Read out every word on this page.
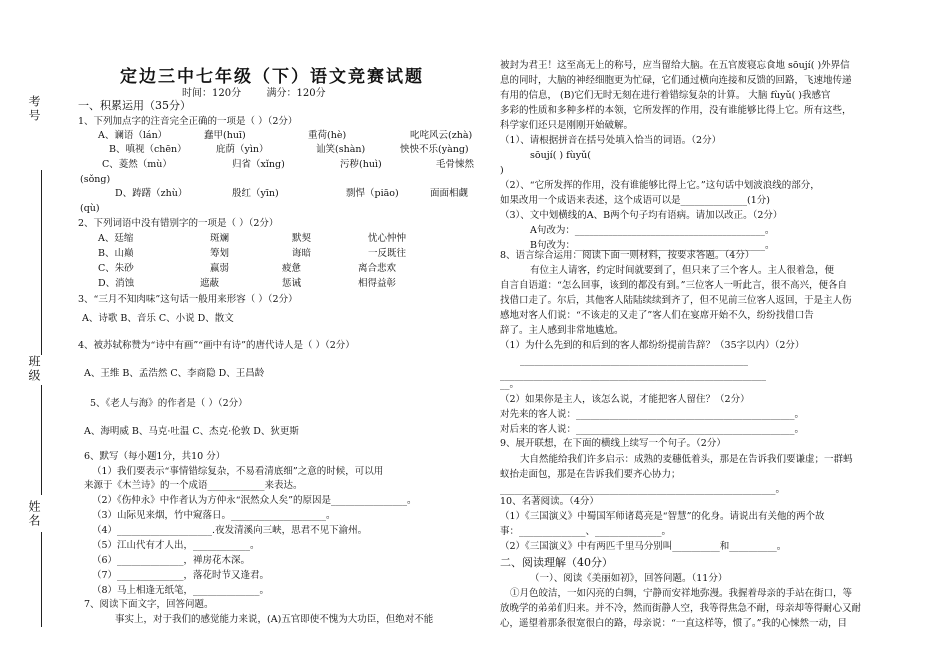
考号
班级
姓名
定边三中七年级（下）语文竞赛试题
时间：120分        满分：120分
一、积累运用（35分）
1、下列加点字的注音完全正确的一项是（ ）（2分）
A、谰语（lán）	蠢甲(huī)	重荷(hè)	叱咤风云(zhà)
B、嗔视（chēn）	庇荫（yìn）	讪笑(shàn)	怏怏不乐(yàng)
C、菱然（mù）	归省（xǐng)	污秽(huì)	毛骨悚然
(sǒng)
D、踌躇（zhù）	殷红（yīn)	剽悍（piāo)	面面相觑
(qù)
2、下列词语中没有错别字的一项是（ ）（2分）
A、廷缩	斑斓	默契	忧心忡忡
B、山巅	筹划	诲暗	一反既往
C、朱砂	赢弱	疲惫	离合悲欢
D、消蚀	遮蔽	惩诫	相得益彰
3、“三月不知肉味”这句话一般用来形容（ ）（2分）
A、诗歌 B、音乐 C、小说 D、散文
4、被苏轼称赞为“诗中有画”“画中有诗”的唐代诗人是（ ）（2分）
A、王维 B、孟浩然 C、李商隐 D、王昌龄
5、《老人与海》的作者是（ ）（2分）
A、海明威 B、马克·吐温 C、杰克·伦敦 D、狄更斯
6、默写（每小题1分，共10 分）
（1）我们要表示“事情错综复杂，不易看清底细”之意的时候，可以用
来源于《木兰诗》的一个成语____________来表达。
（2）《伤仲永》中作者认为方仲永“泯然众人矣”的原因是________________。
（3）山际见来烟，竹中窥落日。____________________。
（4）____________________.夜发清溪向三峡，思君不见下渝州。
（5）江山代有才人出，____________。
（6）______________，禅房花木深。
（7）______________，落花时节又逢君。
（8）马上相逢无纸笔，______________。
7、阅读下面文字，回答问题。
事实上，对于我们的感觉能力来说，(A)五官即使不愧为大功臣，但绝对不能
被封为君王！这至高无上的称号，应当留给大脑。在五官废寝忘食地 sōují( )外界信
息的同时，大脑的神经细胞更为忙碌，它们通过横向连接和反馈的回路，飞速地传递
有用的信息， (B)它们无时无刻在进行着错综复杂的计算。 大脑 fùyǔ( )我感官
多彩的性质和多种多样的本领，它所发挥的作用，没有谁能够比得上它。所有这些，
科学家们还只是刚刚开始破解。
（1）、请根据拼音在括号处填入恰当的词语。（2分）
sōují( ) fùyǔ(
)
（2）、“它所发挥的作用，没有谁能够比得上它。”这句话中划波浪线的部分，
如果改用一个成语来表述，这个成语可以是______________(1分)
（3）、文中划横线的A、B两个句子均有语病。请加以改正。（2分）
A句改为：________________________________________。
B句改为：________________________________________。
8、语言综合运用：阅读下面一则材料，按要求答题。（4分）
有位主人请客，约定时间就要到了，但只来了三个客人。主人很着急，便
自言自语道：“怎么回事，该到的都没有到。”三位客人一听此言，很不高兴，便各自
找借口走了。尔后，其他客人陆陆续续到齐了，但不见前三位客人返回，于是主人伤
感地对客人们说：“不该走的又走了”客人们在宴席开始不久，纷纷找借口告
辞了。主人感到非常地尴尬。
（1）为什么先到的和后到的客人都纷纷提前告辞？（35字以内）（2分）
________________________________________________
________________________________________________________
__。
（2）如果你是主人，该怎么说，才能把客人留住？（2分）
对先来的客人说：______________________________________________。
对后来的客人说：______________________________________________。
9、展开联想，在下面的横线上续写一个句子。（2分）
大自然能给我们许多启示：成熟的麦穗低着头，那是在告诉我们要谦虚；一群蚂
蚁抬走面包，那是在告诉我们要齐心协力；
__________________________________________________________。
10、名著阅读。（4分）
（1）《三国演义》中蜀国军师诸葛亮是“智慧”的化身。请说出有关他的两个故
事：______________、______________。
（2）《三国演义》中有两匹千里马分别叫__________和__________。
二、阅读理解（40分）
（一）、阅读《美丽如初》，回答问题。（11分）
①月色皎洁，一如闪亮的白绸，宁静而安祥地弥漫。我握着母亲的手站在街口，等
放晚学的弟弟们归来。并不冷，然而街静人空，我等得焦急不耐，母亲却等得耐心又耐
心，遥望着那条很宽很白的路，母亲说：“一直这样等，惯了。”我的心悚然一动，目
